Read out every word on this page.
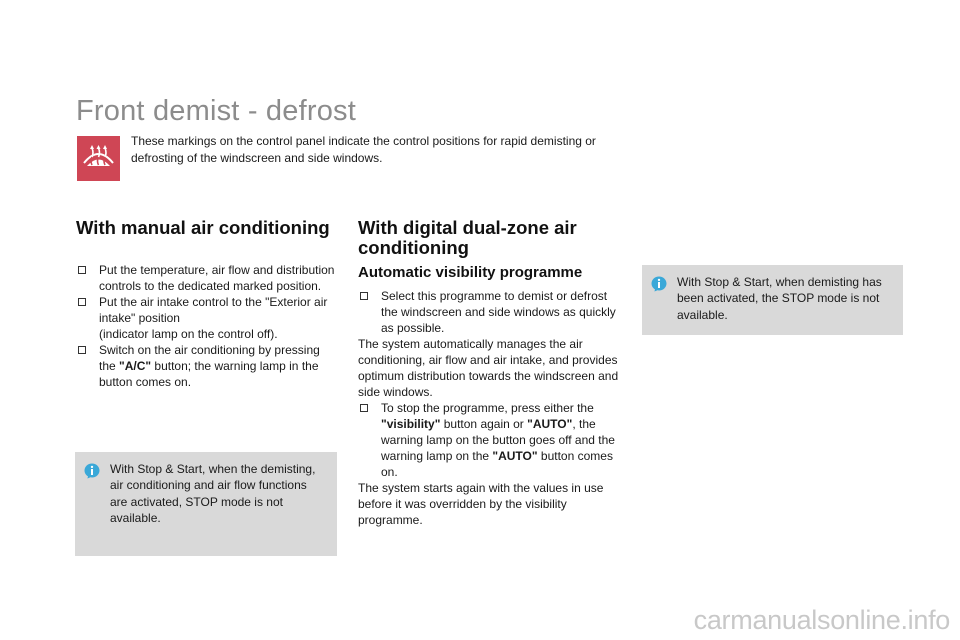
Front demist - defrost
These markings on the control panel indicate the control positions for rapid demisting or defrosting of the windscreen and side windows.
With manual air conditioning
Put the temperature, air flow and distribution controls to the dedicated marked position.
Put the air intake control to the "Exterior air intake" position
(indicator lamp on the control off).
Switch on the air conditioning by pressing the "A/C" button; the warning lamp in the button comes on.
With Stop & Start, when the demisting, air conditioning and air flow functions are activated, STOP mode is not available.
With digital dual-zone air conditioning
Automatic visibility programme
Select this programme to demist or defrost the windscreen and side windows as quickly as possible.

The system automatically manages the air conditioning, air flow and air intake, and provides optimum distribution towards the windscreen and side windows.

To stop the programme, press either the "visibility" button again or "AUTO", the warning lamp on the button goes off and the warning lamp on the "AUTO" button comes on.

The system starts again with the values in use before it was overridden by the visibility programme.

With Stop & Start, when demisting has been activated, the STOP mode is not available.
carmanualsonline.info
